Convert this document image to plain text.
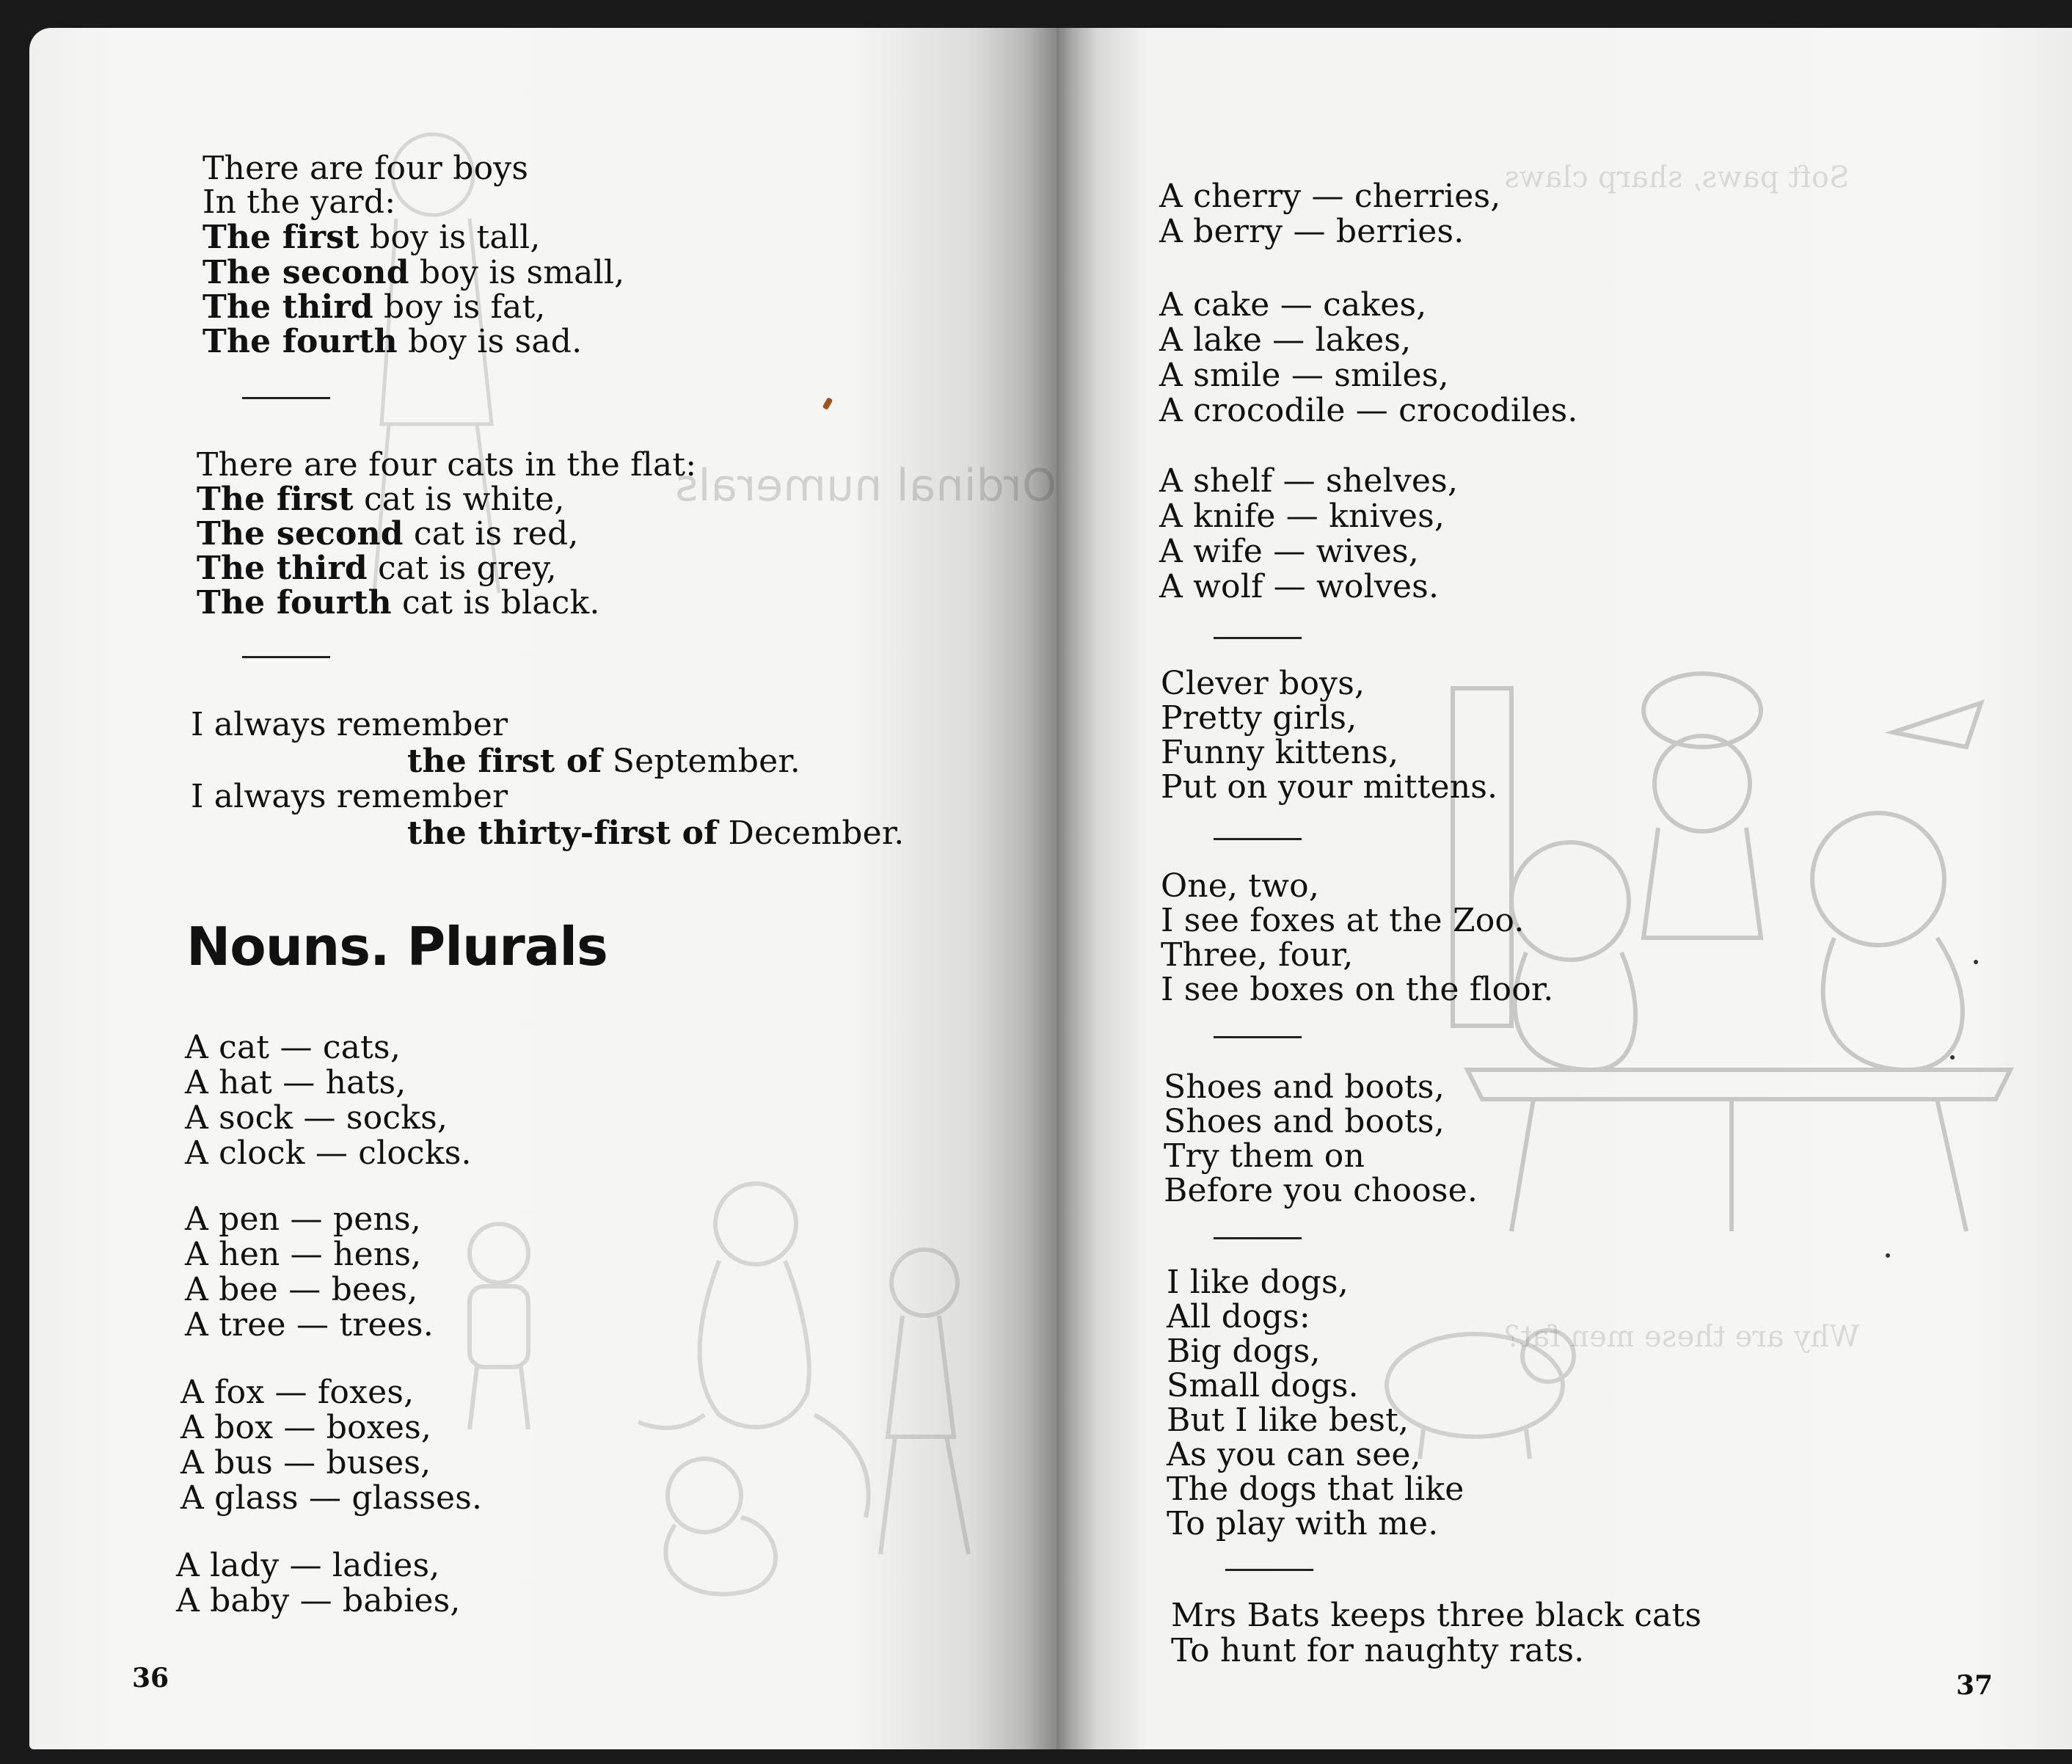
Ordinal numerals
There are four boys
In the yard:
The first boy is tall,
The second boy is small,
The third boy is fat,
The fourth boy is sad.
There are four cats in the flat:
The first cat is white,
The second cat is red,
The third cat is grey,
The fourth cat is black.
I always remember
the first of September.
I always remember
the thirty-first of December.
Nouns. Plurals
A cat — cats,
A hat — hats,
A sock — socks,
A clock — clocks.
A pen — pens,
A hen — hens,
A bee — bees,
A tree — trees.
A fox — foxes,
A box — boxes,
A bus — buses,
A glass — glasses.
A lady — ladies,
A baby — babies,
36
Soft paws, sharp claws
Why are these men fat?
A cherry — cherries,
A berry — berries.
A cake — cakes,
A lake — lakes,
A smile — smiles,
A crocodile — crocodiles.
A shelf — shelves,
A knife — knives,
A wife — wives,
A wolf — wolves.
Clever boys,
Pretty girls,
Funny kittens,
Put on your mittens.
One, two,
I see foxes at the Zoo.
Three, four,
I see boxes on the floor.
Shoes and boots,
Shoes and boots,
Try them on
Before you choose.
I like dogs,
All dogs:
Big dogs,
Small dogs.
But I like best,
As you can see,
The dogs that like
To play with me.
Mrs Bats keeps three black cats
To hunt for naughty rats.
37
